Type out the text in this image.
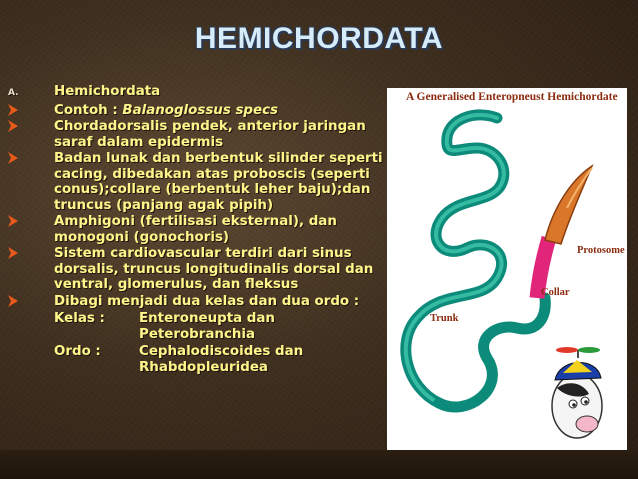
HEMICHORDATA
A.	Hemichordata
Contoh : Balanoglossus specs
Chordadorsalis pendek, anterior jaringan saraf dalam epidermis
Badan lunak dan berbentuk silinder seperti cacing, dibedakan atas proboscis (seperti conus);collare (berbentuk leher baju);dan truncus (panjang agak pipih)
Amphigoni (fertilisasi eksternal), dan monogoni (gonochoris)
Sistem cardiovascular terdiri dari sinus dorsalis, truncus longitudinalis dorsal dan ventral, glomerulus, dan fleksus
Dibagi menjadi dua kelas dan dua ordo :
Kelas :	Enteroneupta dan Peterobranchia
Ordo :	Cephalodiscoides dan Rhabdopleuridea
A Generalised Enteropneust Hemichordate
Protosome
Collar
Trunk
